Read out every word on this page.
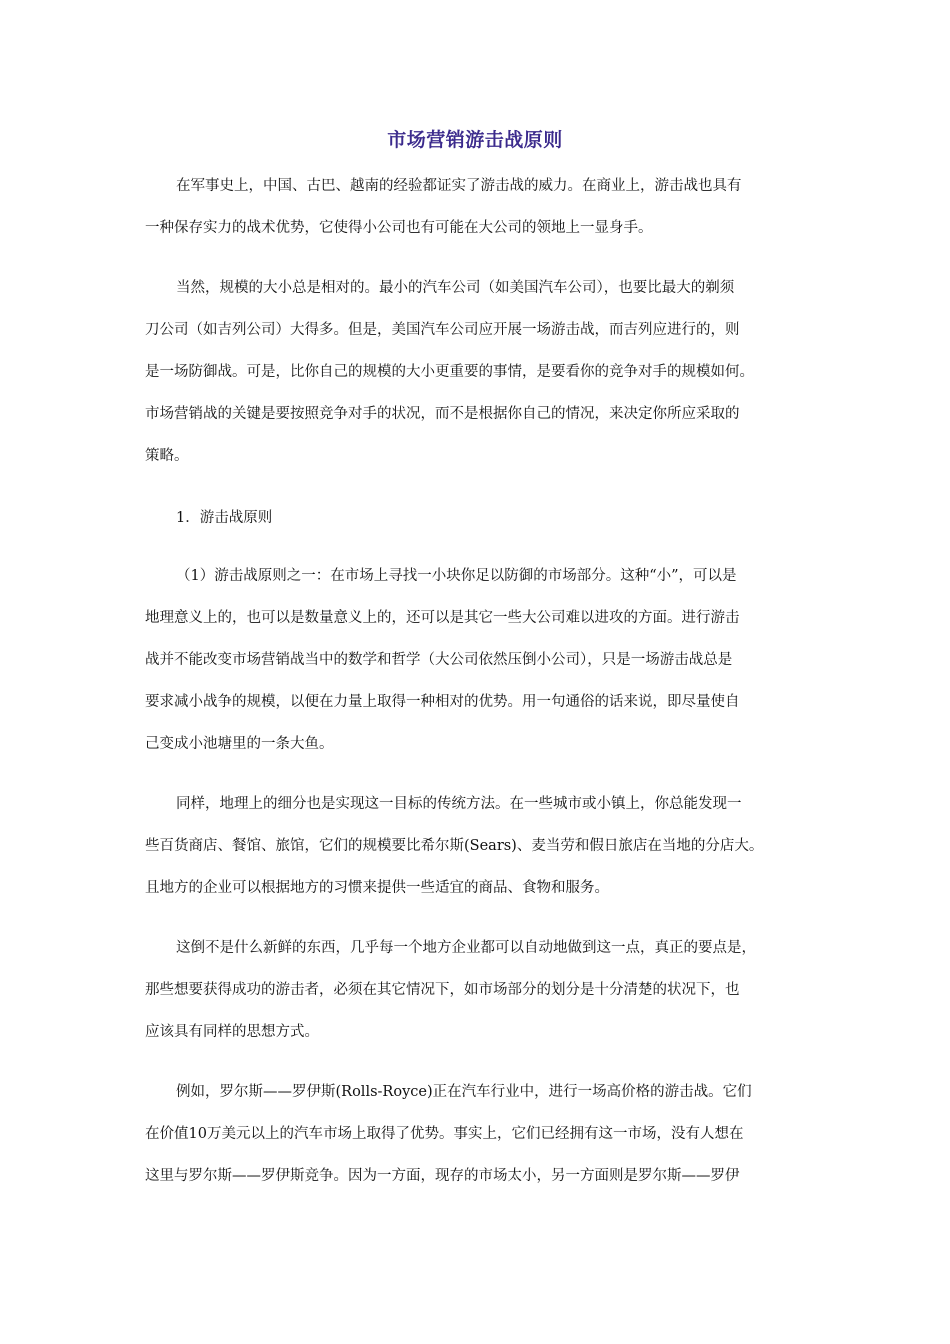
市场营销游击战原则
在军事史上，中国、古巴、越南的经验都证实了游击战的威力。在商业上，游击战也具有
一种保存实力的战术优势，它使得小公司也有可能在大公司的领地上一显身手。
当然，规模的大小总是相对的。最小的汽车公司（如美国汽车公司），也要比最大的剃须
刀公司（如吉列公司）大得多。但是，美国汽车公司应开展一场游击战，而吉列应进行的，则
是一场防御战。可是，比你自己的规模的大小更重要的事情，是要看你的竞争对手的规模如何。
市场营销战的关键是要按照竞争对手的状况，而不是根据你自己的情况，来决定你所应采取的
策略。
1．游击战原则
（1）游击战原则之一：在市场上寻找一小块你足以防御的市场部分。这种“小”，可以是
地理意义上的，也可以是数量意义上的，还可以是其它一些大公司难以进攻的方面。进行游击
战并不能改变市场营销战当中的数学和哲学（大公司依然压倒小公司），只是一场游击战总是
要求减小战争的规模，以便在力量上取得一种相对的优势。用一句通俗的话来说，即尽量使自
己变成小池塘里的一条大鱼。
同样，地理上的细分也是实现这一目标的传统方法。在一些城市或小镇上，你总能发现一
些百货商店、餐馆、旅馆，它们的规模要比希尔斯(Sears)、麦当劳和假日旅店在当地的分店大。
且地方的企业可以根据地方的习惯来提供一些适宜的商品、食物和服务。
这倒不是什么新鲜的东西，几乎每一个地方企业都可以自动地做到这一点，真正的要点是，
那些想要获得成功的游击者，必须在其它情况下，如市场部分的划分是十分清楚的状况下，也
应该具有同样的思想方式。
例如，罗尔斯——罗伊斯(Rolls-Royce)正在汽车行业中，进行一场高价格的游击战。它们
在价值10万美元以上的汽车市场上取得了优势。事实上，它们已经拥有这一市场，没有人想在
这里与罗尔斯——罗伊斯竞争。因为一方面，现存的市场太小，另一方面则是罗尔斯——罗伊
